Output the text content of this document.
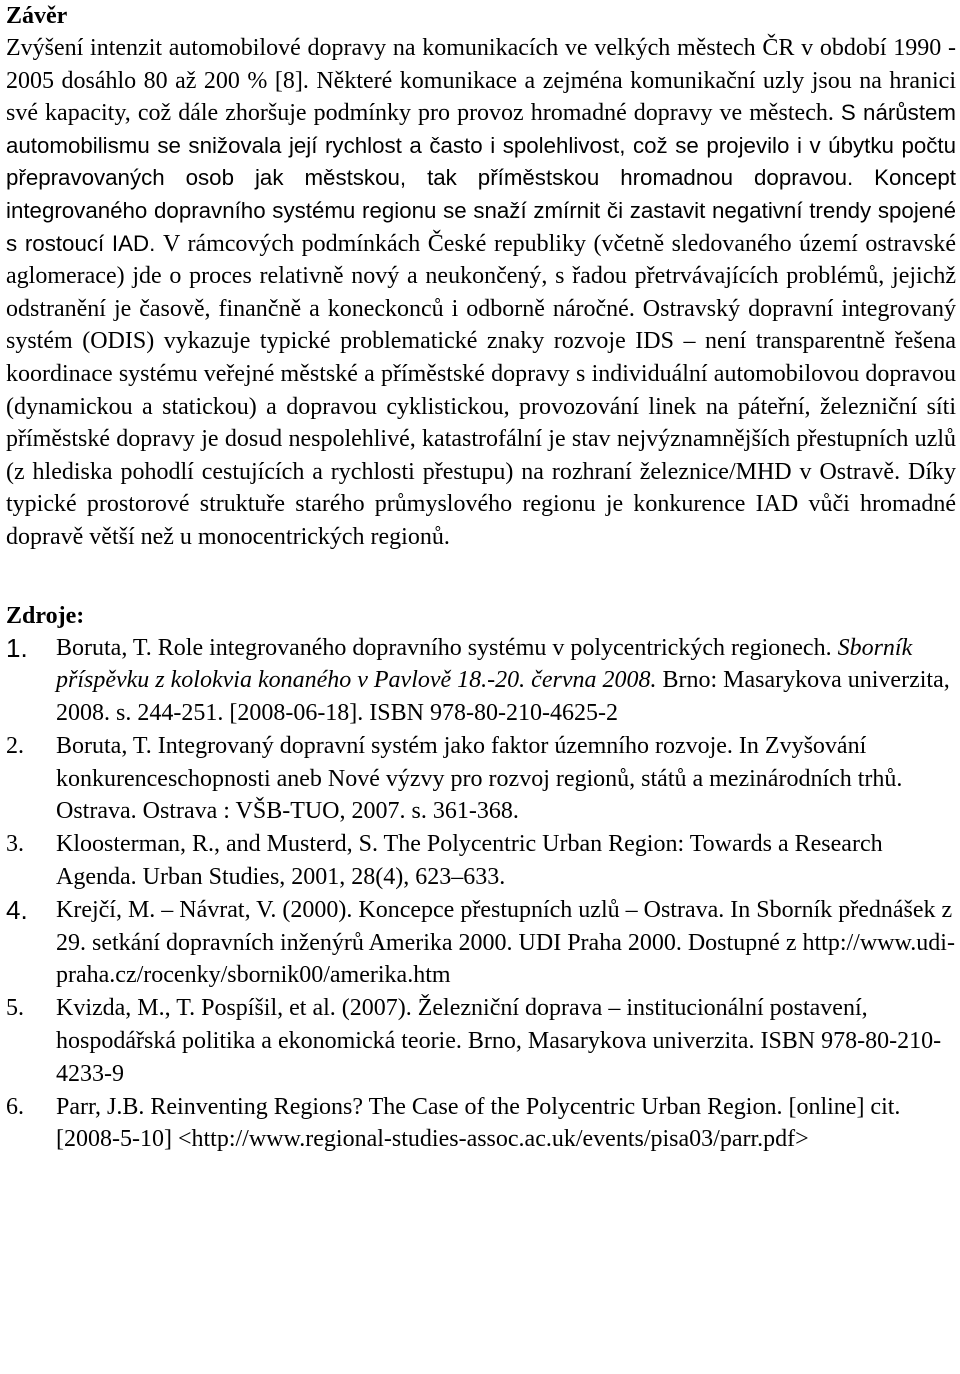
Závěr

Zvýšení intenzit automobilové dopravy na komunikacích ve velkých městech ČR v období 1990 - 2005 dosáhlo 80 až 200 % [8]. Některé komunikace a zejména komunikační uzly jsou na hranici své kapacity, což dále zhoršuje podmínky pro provoz hromadné dopravy ve městech. S nárůstem automobilismu se snižovala její rychlost a často i spolehlivost, což se projevilo i v úbytku počtu přepravovaných osob jak městskou, tak příměstskou hromadnou dopravou. Koncept integrovaného dopravního systému regionu se snaží zmírnit či zastavit negativní trendy spojené s rostoucí IAD. V rámcových podmínkách České republiky (včetně sledovaného území ostravské aglomerace) jde o proces relativně nový a neukončený, s řadou přetrvávajících problémů, jejichž odstranění je časově, finančně a koneckonců i odborně náročné. Ostravský dopravní integrovaný systém (ODIS) vykazuje typické problematické znaky rozvoje IDS – není transparentně řešena koordinace systému veřejné městské a příměstské dopravy s individuální automobilovou dopravou (dynamickou a statickou) a dopravou cyklistickou, provozování linek na páteřní, železniční síti příměstské dopravy je dosud nespolehlivé, katastrofální je stav nejvýznamnějších přestupních uzlů (z hlediska pohodlí cestujících a rychlosti přestupu) na rozhraní železnice/MHD v Ostravě. Díky typické prostorové struktuře starého průmyslového regionu je konkurence IAD vůči hromadné dopravě větší než u monocentrických regionů.

Zdroje:
1.	Boruta, T. Role integrovaného dopravního systému v polycentrických regionech. Sborník příspěvku z kolokvia konaného v Pavlově 18.-20. června 2008. Brno: Masarykova univerzita, 2008. s. 244-251. [2008-06-18]. ISBN 978-80-210-4625-2
2.	Boruta, T. Integrovaný dopravní systém jako faktor územního rozvoje. In Zvyšování konkurenceschopnosti aneb Nové výzvy pro rozvoj regionů, států a mezinárodních trhů. Ostrava. Ostrava : VŠB-TUO, 2007. s. 361-368.
3.	Kloosterman, R., and Musterd, S. The Polycentric Urban Region: Towards a Research Agenda. Urban Studies, 2001, 28(4), 623–633.
4.	Krejčí, M. – Návrat, V. (2000). Koncepce přestupních uzlů – Ostrava. In Sborník přednášek z 29. setkání dopravních inženýrů Amerika 2000. UDI Praha 2000. Dostupné z http://www.udi-praha.cz/rocenky/sbornik00/amerika.htm
5.	Kvizda, M., T. Pospíšil, et al. (2007). Železniční doprava – institucionální postavení, hospodářská politika a ekonomická teorie. Brno, Masarykova univerzita. ISBN 978-80-210-4233-9
6.	Parr, J.B. Reinventing Regions? The Case of the Polycentric Urban Region. [online] cit. [2008-5-10] <http://www.regional-studies-assoc.ac.uk/events/pisa03/parr.pdf>
